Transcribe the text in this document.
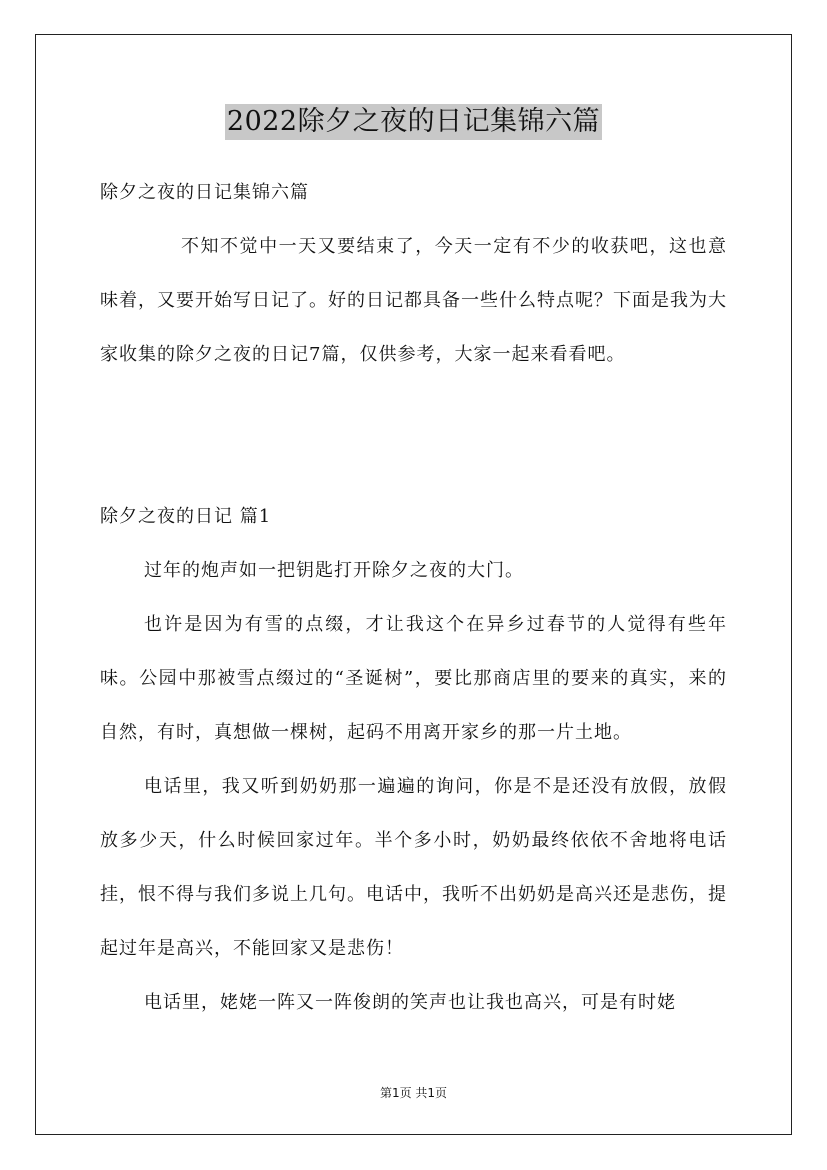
2022除夕之夜的日记集锦六篇

除夕之夜的日记集锦六篇

不知不觉中一天又要结束了，今天一定有不少的收获吧，这也意味着，又要开始写日记了。好的日记都具备一些什么特点呢？下面是我为大家收集的除夕之夜的日记7篇，仅供参考，大家一起来看看吧。

除夕之夜的日记 篇1

过年的炮声如一把钥匙打开除夕之夜的大门。

也许是因为有雪的点缀，才让我这个在异乡过春节的人觉得有些年味。公园中那被雪点缀过的“圣诞树”，要比那商店里的要来的真实，来的自然，有时，真想做一棵树，起码不用离开家乡的那一片土地。

电话里，我又听到奶奶那一遍遍的询问，你是不是还没有放假，放假放多少天，什么时候回家过年。半个多小时，奶奶最终依依不舍地将电话挂，恨不得与我们多说上几句。电话中，我听不出奶奶是高兴还是悲伤，提起过年是高兴，不能回家又是悲伤！

电话里，姥姥一阵又一阵俊朗的笑声也让我也高兴，可是有时姥

第1页 共1页
